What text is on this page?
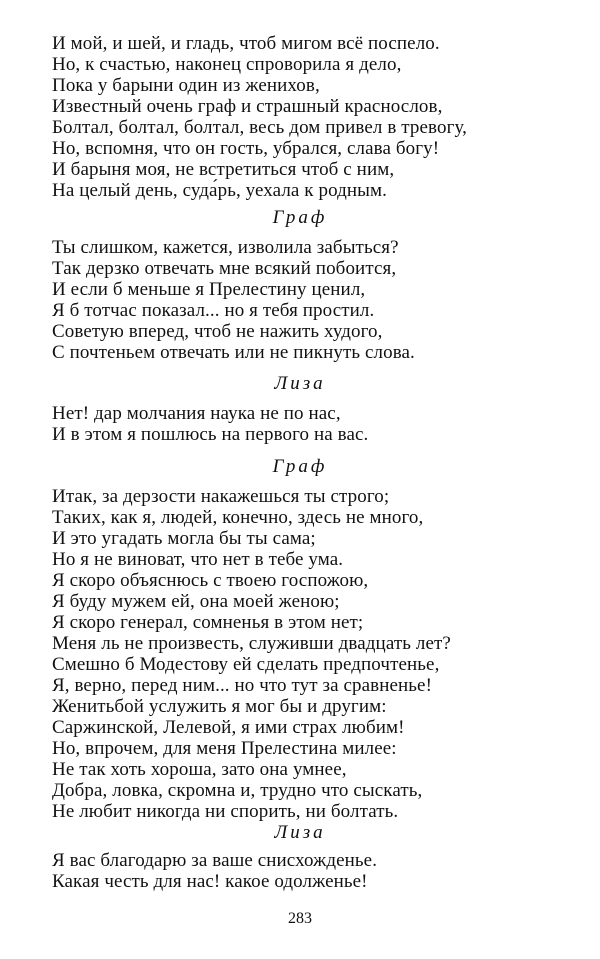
И мой, и шей, и гладь, чтоб мигом всё поспело.
Но, к счастью, наконец спроворила я дело,
Пока у барыни один из женихов,
Известный очень граф и страшный краснослов,
Болтал, болтал, болтал, весь дом привел в тревогу,
Но, вспомня, что он гость, убрался, слава богу!
И барыня моя, не встретиться чтоб с ним,
На целый день, суда́рь, уехала к родным.
Граф
Ты слишком, кажется, изволила забыться?
Так дерзко отвечать мне всякий побоится,
И если б меньше я Прелестину ценил,
Я б тотчас показал... но я тебя простил.
Советую вперед, чтоб не нажить худого,
С почтеньем отвечать или не пикнуть слова.
Лиза
Нет! дар молчания наука не по нас,
И в этом я пошлюсь на первого на вас.
Граф
Итак, за дерзости накажешься ты строго;
Таких, как я, людей, конечно, здесь не много,
И это угадать могла бы ты сама;
Но я не виноват, что нет в тебе ума.
Я скоро объяснюсь с твоею госпожою,
Я буду мужем ей, она моей женою;
Я скоро генерал, сомненья в этом нет;
Меня ль не произвесть, служивши двадцать лет?
Смешно б Модестову ей сделать предпочтенье,
Я, верно, перед ним... но что тут за сравненье!
Женитьбой услужить я мог бы и другим:
Саржинской, Лелевой, я ими страх любим!
Но, впрочем, для меня Прелестина милее:
Не так хоть хороша, зато она умнее,
Добра, ловка, скромна и, трудно что сыскать,
Не любит никогда ни спорить, ни болтать.
Лиза
Я вас благодарю за ваше снисхожденье.
Какая честь для нас! какое одолженье!
283
